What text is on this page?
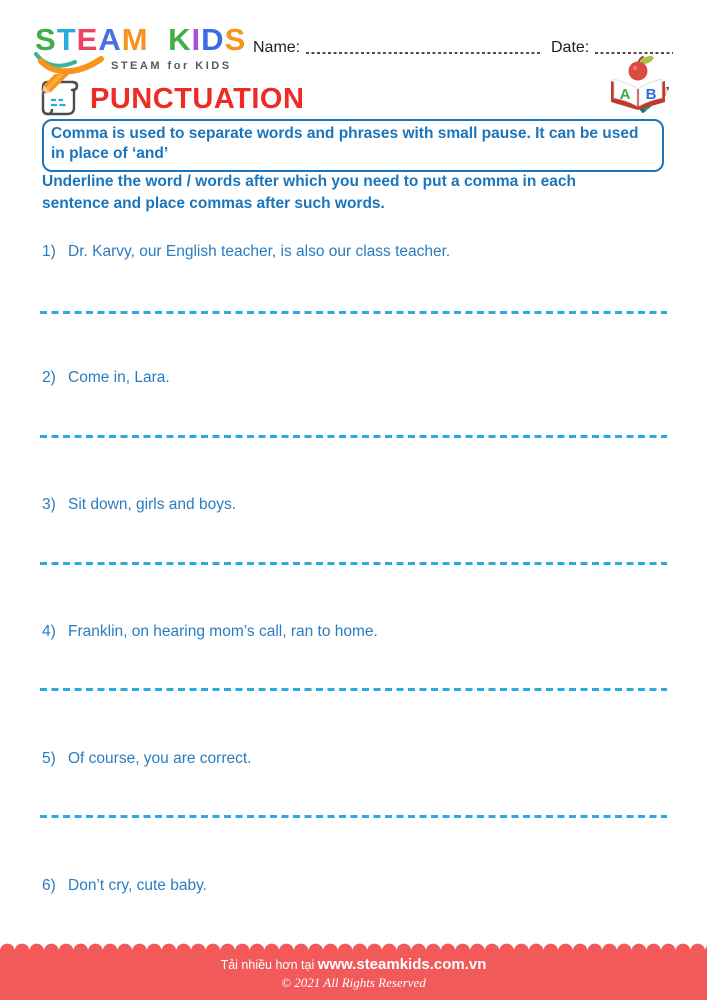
STEAM KIDS
STEAM for KIDS
Name:	Date:
A B
PUNCTUATION
Comma is used to separate words and phrases with small pause. It can be used in place of ‘and’
Underline the word / words after which you need to put a comma in each sentence and place commas after such words.
1) Dr. Karvy, our English teacher, is also our class teacher.
2) Come in, Lara.
3) Sit down, girls and boys.
4) Franklin, on hearing mom’s call, ran to home.
5) Of course, you are correct.
6) Don’t cry, cute baby.
Tải nhiều hơn tại www.steamkids.com.vn
© 2021 All Rights Reserved
